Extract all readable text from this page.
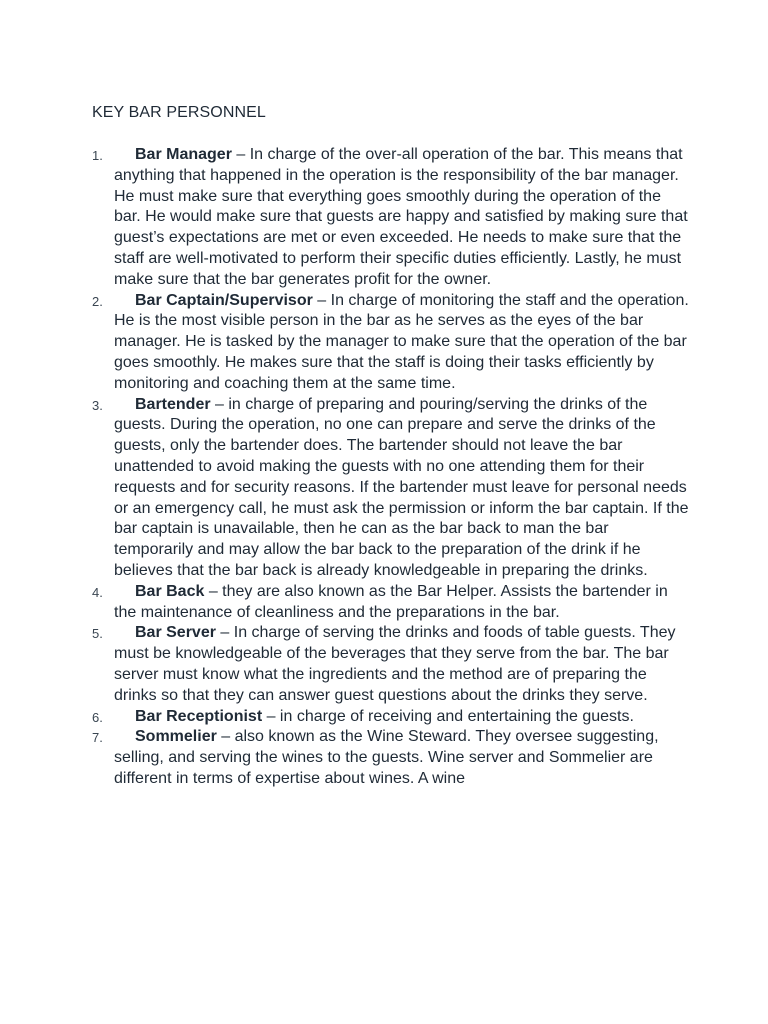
KEY BAR PERSONNEL
1.	Bar Manager – In charge of the over-all operation of the bar. This means that anything that happened in the operation is the responsibility of the bar manager. He must make sure that everything goes smoothly during the operation of the bar. He would make sure that guests are happy and satisfied by making sure that guest’s expectations are met or even exceeded. He needs to make sure that the staff are well-motivated to perform their specific duties efficiently. Lastly, he must make sure that the bar generates profit for the owner.
2.	Bar Captain/Supervisor – In charge of monitoring the staff and the operation. He is the most visible person in the bar as he serves as the eyes of the bar manager. He is tasked by the manager to make sure that the operation of the bar goes smoothly. He makes sure that the staff is doing their tasks efficiently by monitoring and coaching them at the same time.
3.	Bartender – in charge of preparing and pouring/serving the drinks of the guests. During the operation, no one can prepare and serve the drinks of the guests, only the bartender does. The bartender should not leave the bar unattended to avoid making the guests with no one attending them for their requests and for security reasons. If the bartender must leave for personal needs or an emergency call, he must ask the permission or inform the bar captain. If the bar captain is unavailable, then he can as the bar back to man the bar temporarily and may allow the bar back to the preparation of the drink if he believes that the bar back is already knowledgeable in preparing the drinks.
4.	Bar Back – they are also known as the Bar Helper. Assists the bartender in the maintenance of cleanliness and the preparations in the bar.
5.	Bar Server – In charge of serving the drinks and foods of table guests. They must be knowledgeable of the beverages that they serve from the bar. The bar server must know what the ingredients and the method are of preparing the drinks so that they can answer guest questions about the drinks they serve.
6.	Bar Receptionist – in charge of receiving and entertaining the guests.
7.	Sommelier – also known as the Wine Steward. They oversee suggesting, selling, and serving the wines to the guests. Wine server and Sommelier are different in terms of expertise about wines. A wine
